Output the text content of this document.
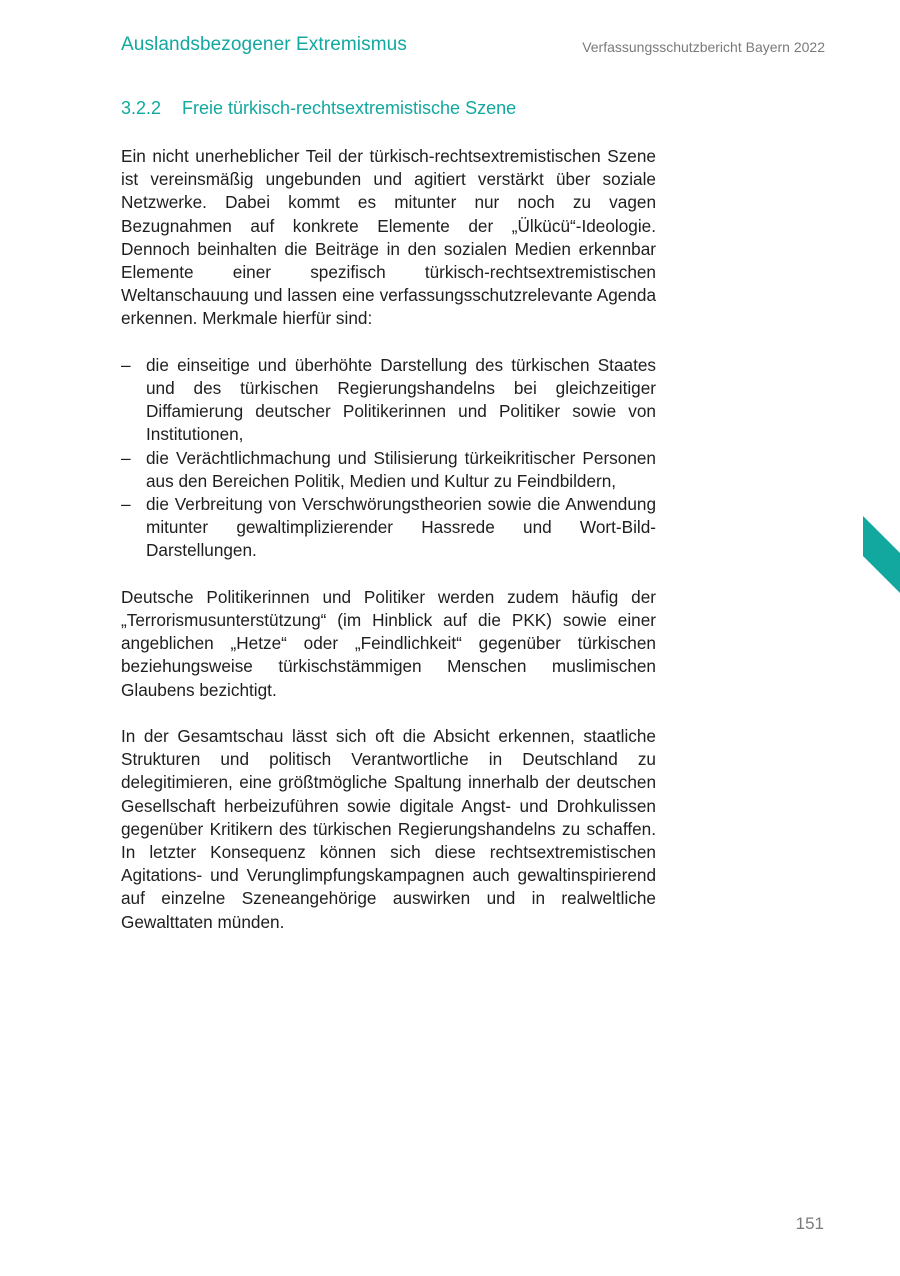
Auslandsbezogener Extremismus	Verfassungsschutzbericht Bayern 2022
3.2.2 Freie türkisch-rechtsextremistische Szene

Ein nicht unerheblicher Teil der türkisch-rechtsextremistischen Szene ist vereinsmäßig ungebunden und agitiert verstärkt über soziale Netzwerke. Dabei kommt es mitunter nur noch zu vagen Bezugnahmen auf konkrete Elemente der „Ülkücü“-Ideologie. Dennoch beinhalten die Beiträge in den sozialen Medien erkennbar Elemente einer spezifisch türkisch-rechtsextremistischen Weltanschauung und lassen eine verfassungsschutzrelevante Agenda erkennen. Merkmale hierfür sind:

– die einseitige und überhöhte Darstellung des türkischen Staates und des türkischen Regierungshandelns bei gleichzeitiger Diffamierung deutscher Politikerinnen und Politiker sowie von Institutionen,
– die Verächtlichmachung und Stilisierung türkeikritischer Personen aus den Bereichen Politik, Medien und Kultur zu Feindbildern,
– die Verbreitung von Verschwörungstheorien sowie die Anwendung mitunter gewaltimplizierender Hassrede und Wort-Bild-Darstellungen.

Deutsche Politikerinnen und Politiker werden zudem häufig der „Terrorismusunterstützung“ (im Hinblick auf die PKK) sowie einer angeblichen „Hetze“ oder „Feindlichkeit“ gegenüber türkischen beziehungsweise türkischstämmigen Menschen muslimischen Glaubens bezichtigt.

In der Gesamtschau lässt sich oft die Absicht erkennen, staatliche Strukturen und politisch Verantwortliche in Deutschland zu delegitimieren, eine größtmögliche Spaltung innerhalb der deutschen Gesellschaft herbeizuführen sowie digitale Angst- und Drohkulissen gegenüber Kritikern des türkischen Regierungshandelns zu schaffen. In letzter Konsequenz können sich diese rechtsextremistischen Agitations- und Verunglimpfungskampagnen auch gewaltinspirierend auf einzelne Szeneangehörige auswirken und in realweltliche Gewalttaten münden.

151
